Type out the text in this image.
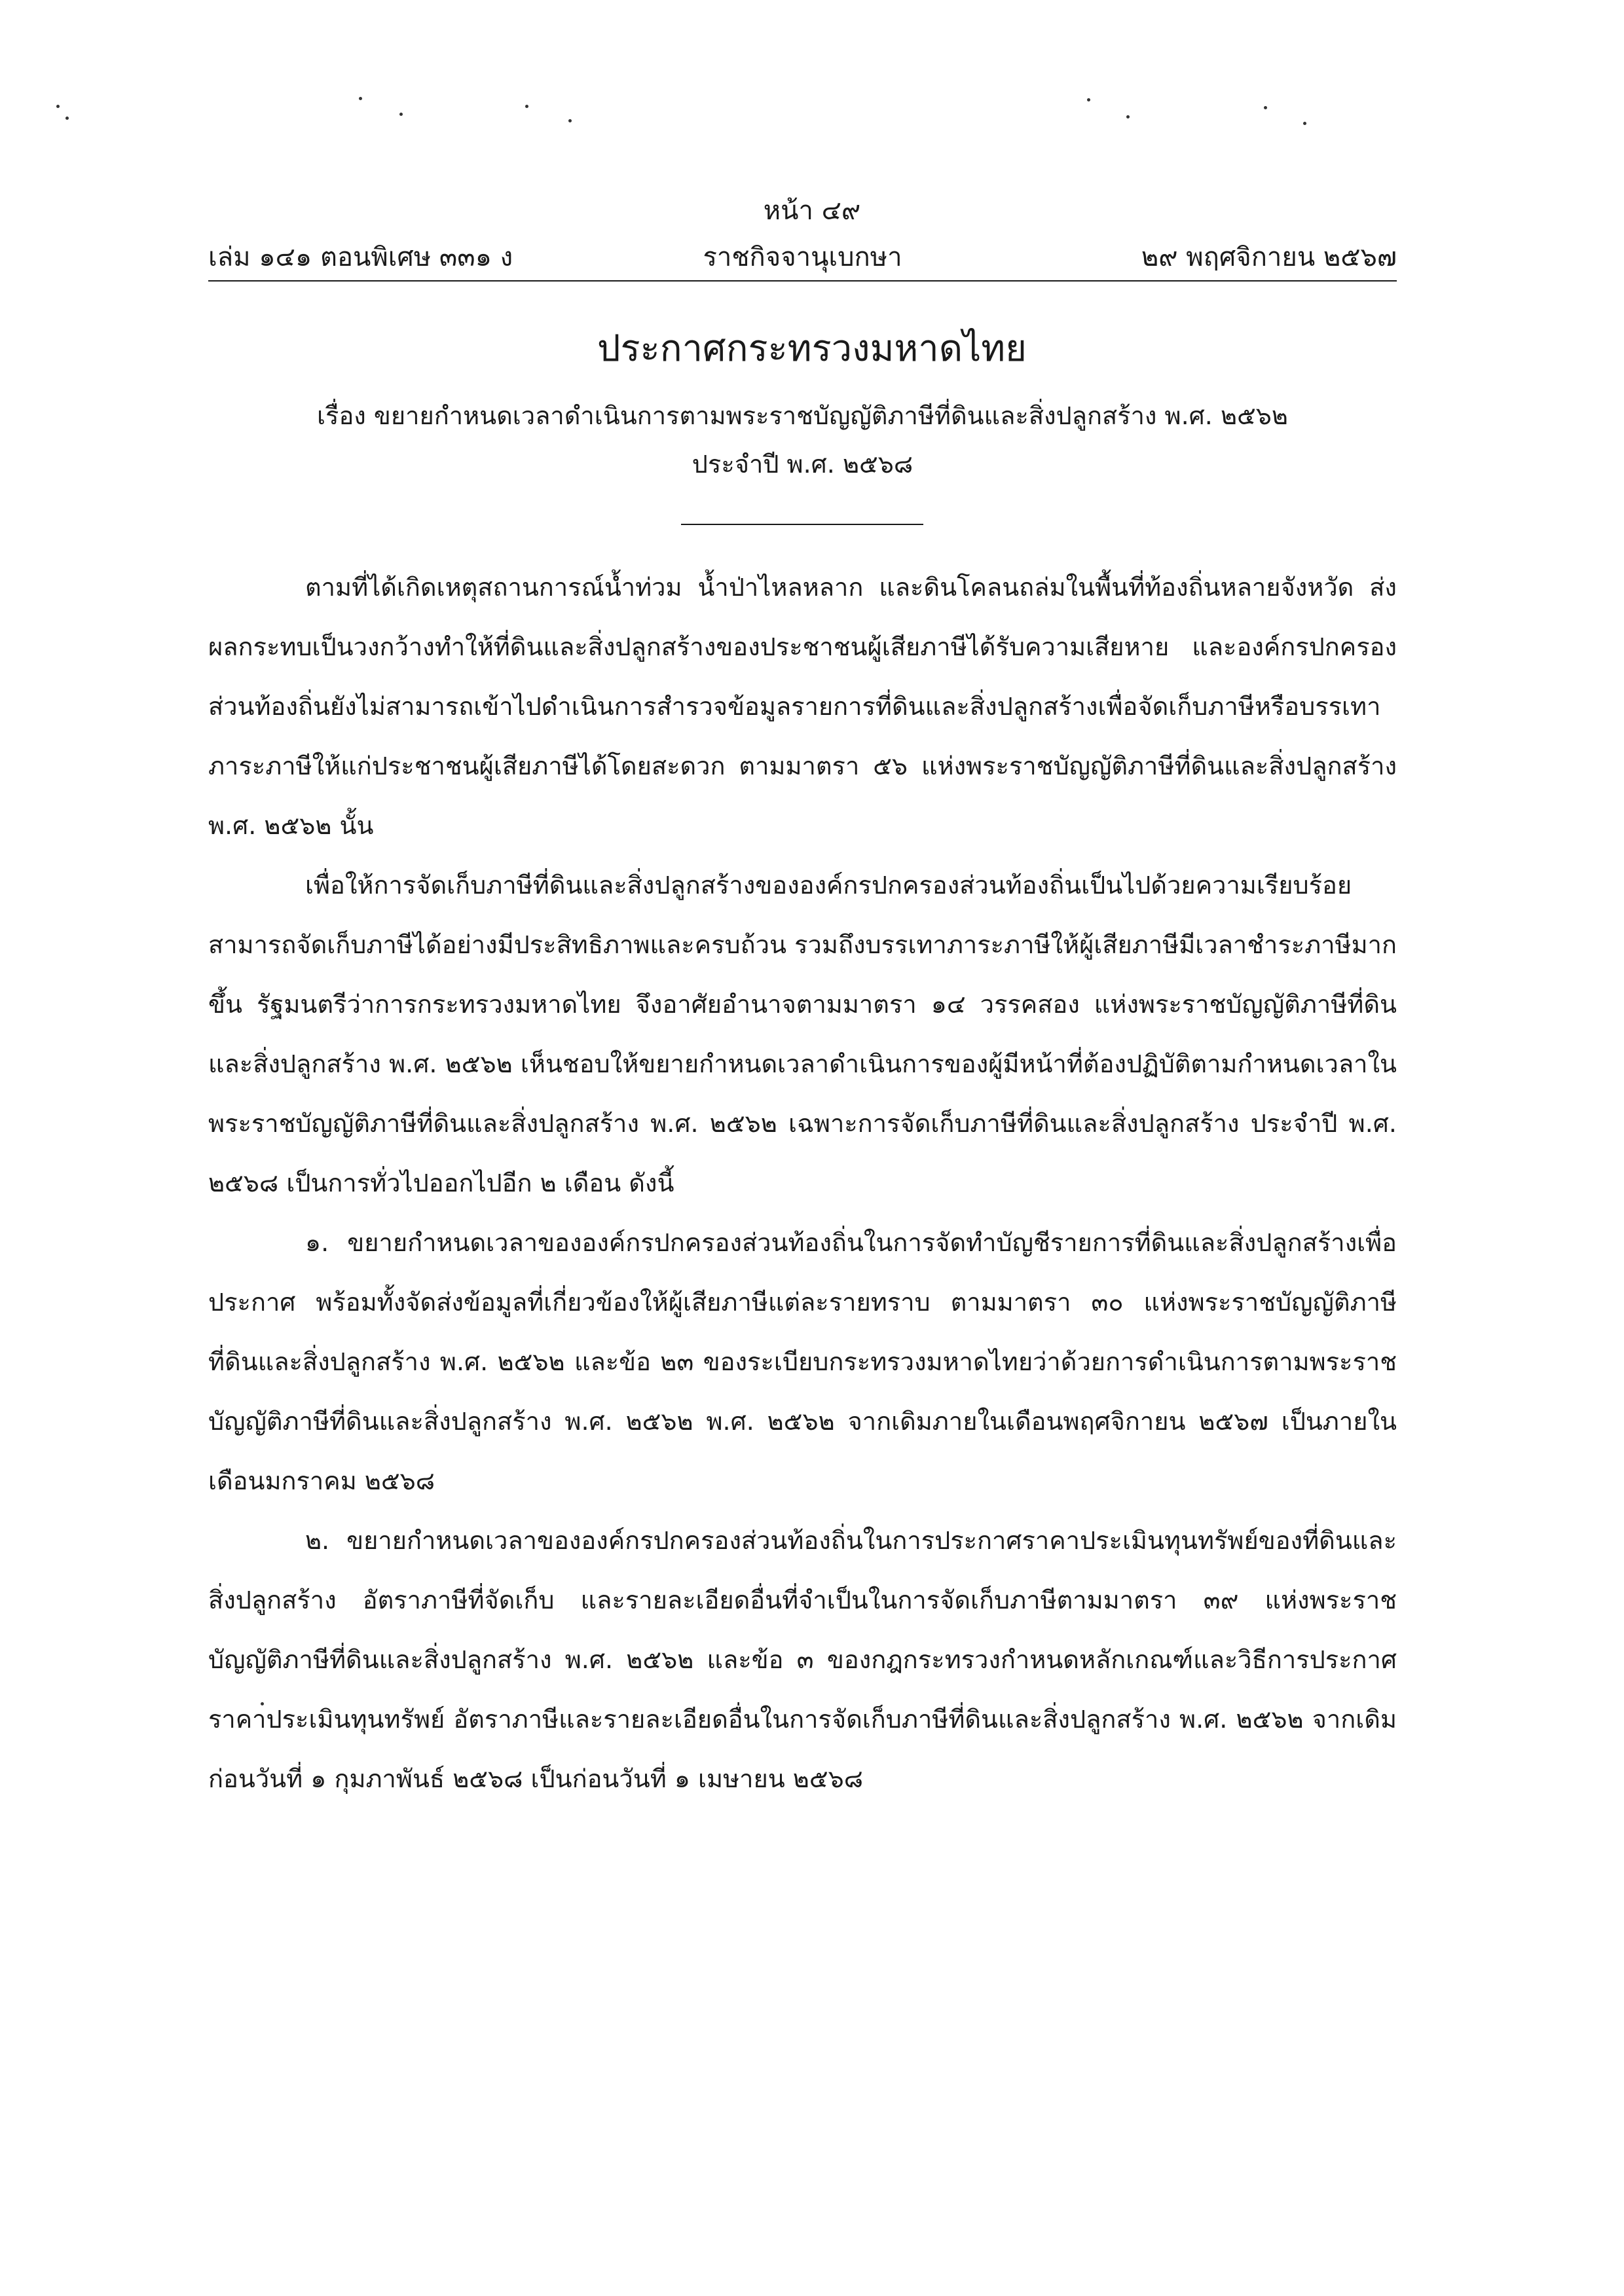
หน้า ๔๙
เล่ม ๑๔๑ ตอนพิเศษ ๓๓๑ ง	ราชกิจจานุเบกษา	๒๙ พฤศจิกายน ๒๕๖๗
ประกาศกระทรวงมหาดไทย
เรื่อง ขยายกำหนดเวลาดำเนินการตามพระราชบัญญัติภาษีที่ดินและสิ่งปลูกสร้าง พ.ศ. ๒๕๖๒
ประจำปี พ.ศ. ๒๕๖๘

ตามที่ได้เกิดเหตุสถานการณ์น้ำท่วม น้ำป่าไหลหลาก และดินโคลนถล่มในพื้นที่ท้องถิ่นหลายจังหวัด ส่งผลกระทบเป็นวงกว้างทำให้ที่ดินและสิ่งปลูกสร้างของประชาชนผู้เสียภาษีได้รับความเสียหาย และองค์กรปกครองส่วนท้องถิ่นยังไม่สามารถเข้าไปดำเนินการสำรวจข้อมูลรายการที่ดินและสิ่งปลูกสร้างเพื่อจัดเก็บภาษีหรือบรรเทาภาระภาษีให้แก่ประชาชนผู้เสียภาษีได้โดยสะดวก ตามมาตรา ๕๖ แห่งพระราชบัญญัติภาษีที่ดินและสิ่งปลูกสร้าง พ.ศ. ๒๕๖๒ นั้น

เพื่อให้การจัดเก็บภาษีที่ดินและสิ่งปลูกสร้างขององค์กรปกครองส่วนท้องถิ่นเป็นไปด้วยความเรียบร้อย สามารถจัดเก็บภาษีได้อย่างมีประสิทธิภาพและครบถ้วน รวมถึงบรรเทาภาระภาษีให้ผู้เสียภาษีมีเวลาชำระภาษีมากขึ้น รัฐมนตรีว่าการกระทรวงมหาดไทย จึงอาศัยอำนาจตามมาตรา ๑๔ วรรคสอง แห่งพระราชบัญญัติภาษีที่ดินและสิ่งปลูกสร้าง พ.ศ. ๒๕๖๒ เห็นชอบให้ขยายกำหนดเวลาดำเนินการของผู้มีหน้าที่ต้องปฏิบัติตามกำหนดเวลาในพระราชบัญญัติภาษีที่ดินและสิ่งปลูกสร้าง พ.ศ. ๒๕๖๒ เฉพาะการจัดเก็บภาษีที่ดินและสิ่งปลูกสร้าง ประจำปี พ.ศ. ๒๕๖๘ เป็นการทั่วไปออกไปอีก ๒ เดือน ดังนี้

๑. ขยายกำหนดเวลาขององค์กรปกครองส่วนท้องถิ่นในการจัดทำบัญชีรายการที่ดินและสิ่งปลูกสร้างเพื่อประกาศ พร้อมทั้งจัดส่งข้อมูลที่เกี่ยวข้องให้ผู้เสียภาษีแต่ละรายทราบ ตามมาตรา ๓๐ แห่งพระราชบัญญัติภาษีที่ดินและสิ่งปลูกสร้าง พ.ศ. ๒๕๖๒ และข้อ ๒๓ ของระเบียบกระทรวงมหาดไทยว่าด้วยการดำเนินการตามพระราชบัญญัติภาษีที่ดินและสิ่งปลูกสร้าง พ.ศ. ๒๕๖๒ พ.ศ. ๒๕๖๒ จากเดิมภายในเดือนพฤศจิกายน ๒๕๖๗ เป็นภายในเดือนมกราคม ๒๕๖๘

๒. ขยายกำหนดเวลาขององค์กรปกครองส่วนท้องถิ่นในการประกาศราคาประเมินทุนทรัพย์ของที่ดินและสิ่งปลูกสร้าง อัตราภาษีที่จัดเก็บ และรายละเอียดอื่นที่จำเป็นในการจัดเก็บภาษีตามมาตรา ๓๙ แห่งพระราชบัญญัติภาษีที่ดินและสิ่งปลูกสร้าง พ.ศ. ๒๕๖๒ และข้อ ๓ ของกฎกระทรวงกำหนดหลักเกณฑ์และวิธีการประกาศราคาประเมินทุนทรัพย์ อัตราภาษีและรายละเอียดอื่นในการจัดเก็บภาษีที่ดินและสิ่งปลูกสร้าง พ.ศ. ๒๕๖๒ จากเดิมก่อนวันที่ ๑ กุมภาพันธ์ ๒๕๖๘ เป็นก่อนวันที่ ๑ เมษายน ๒๕๖๘
